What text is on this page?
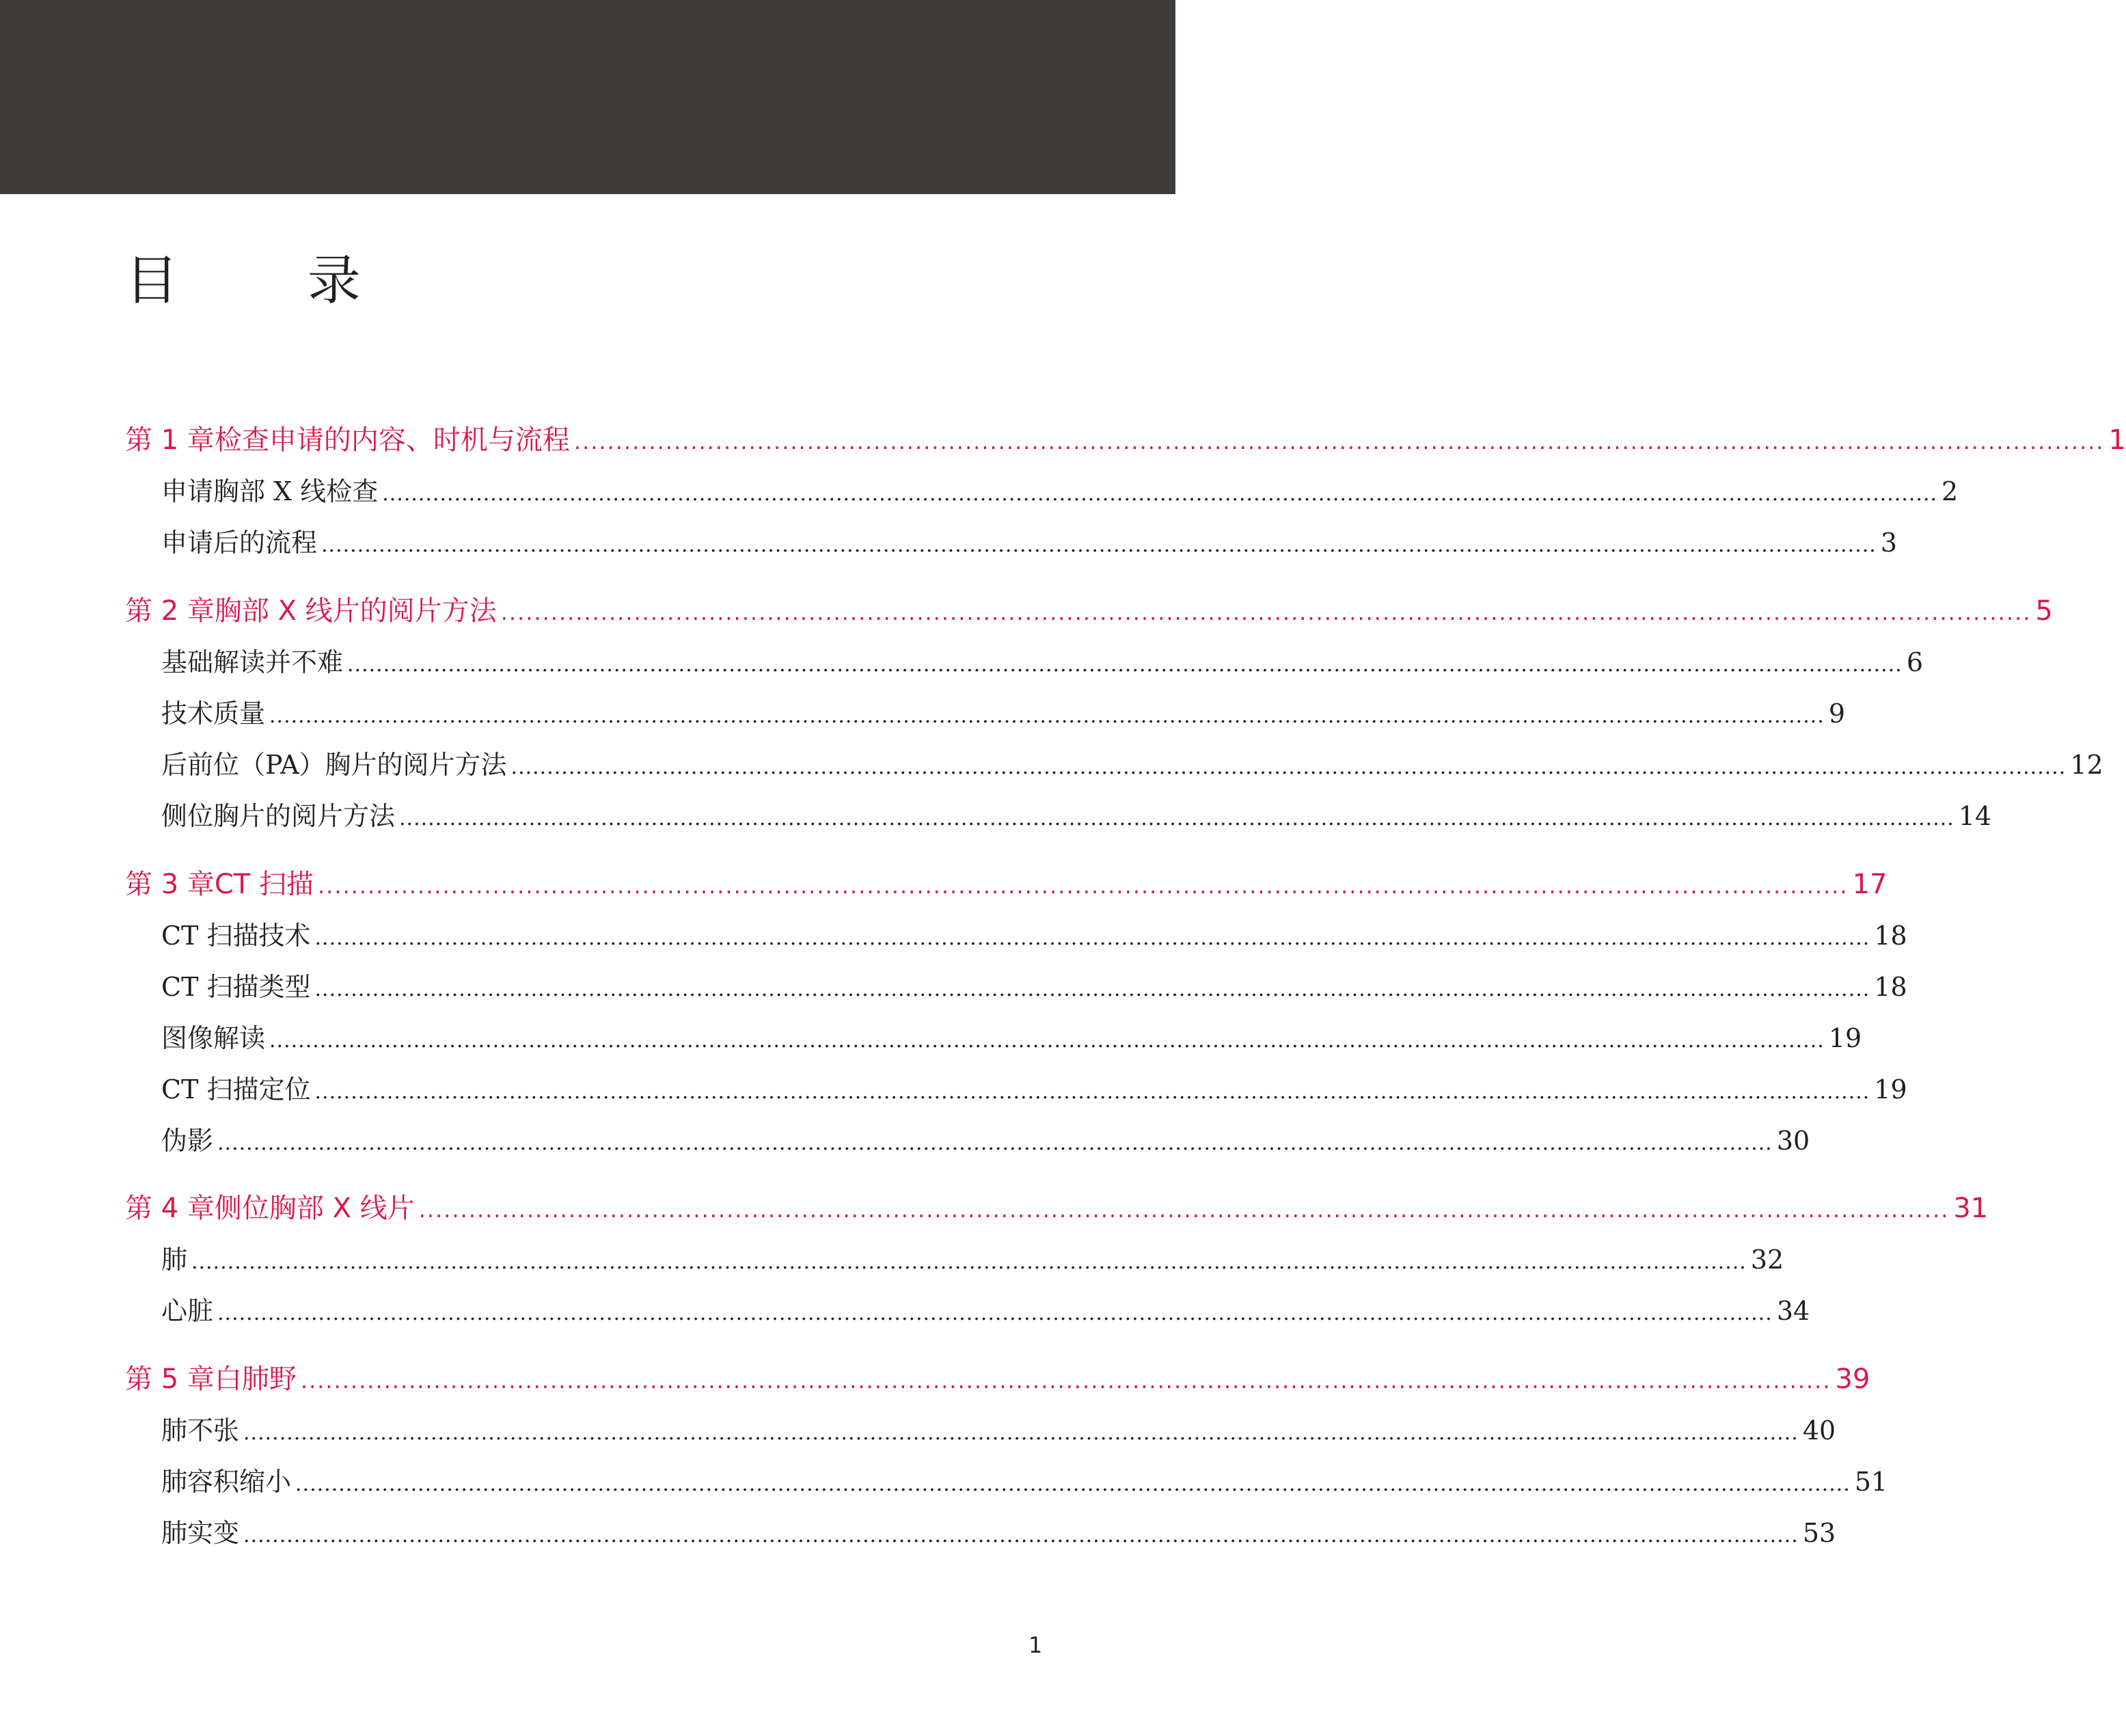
目 录
第 1 章 检查申请的内容、时机与流程 ........................................................................................................................................................................................ 1
申请胸部 X 线检查 ........................................................................................................................................................................................................................ 2
申请后的流程 ........................................................................................................................................................................................................................ 3
第 2 章 胸部 X 线片的阅片方法 ........................................................................................................................................................................................ 5
基础解读并不难 ........................................................................................................................................................................................................................ 6
技术质量 ........................................................................................................................................................................................................................ 9
后前位（PA）胸片的阅片方法 ........................................................................................................................................................................................................................ 12
侧位胸片的阅片方法 ........................................................................................................................................................................................................................ 14
第 3 章 CT 扫描 ........................................................................................................................................................................................ 17
CT 扫描技术 ........................................................................................................................................................................................................................ 18
CT 扫描类型 ........................................................................................................................................................................................................................ 18
图像解读 ........................................................................................................................................................................................................................ 19
CT 扫描定位 ........................................................................................................................................................................................................................ 19
伪影 ........................................................................................................................................................................................................................ 30
第 4 章 侧位胸部 X 线片 ........................................................................................................................................................................................ 31
肺 ........................................................................................................................................................................................................................ 32
心脏 ........................................................................................................................................................................................................................ 34
第 5 章 白肺野 ........................................................................................................................................................................................ 39
肺不张 ........................................................................................................................................................................................................................ 40
肺容积缩小 ........................................................................................................................................................................................................................ 51
肺实变 ........................................................................................................................................................................................................................ 53
1
